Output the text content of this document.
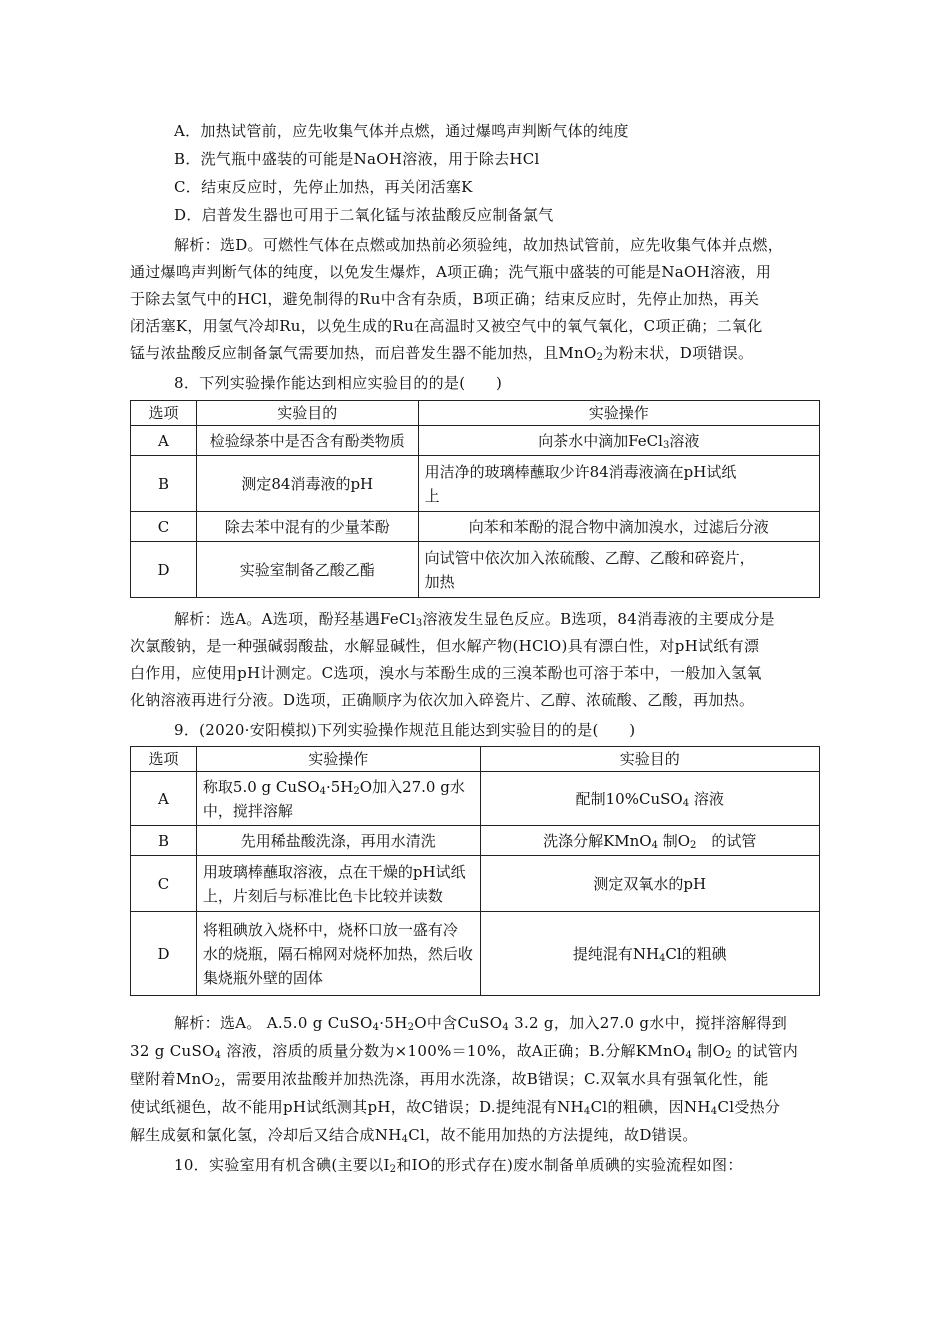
A．加热试管前，应先收集气体并点燃，通过爆鸣声判断气体的纯度
B．洗气瓶中盛装的可能是NaOH溶液，用于除去HCl
C．结束反应时，先停止加热，再关闭活塞K
D．启普发生器也可用于二氧化锰与浓盐酸反应制备氯气
解析：选D。可燃性气体在点燃或加热前必须验纯，故加热试管前，应先收集气体并点燃，
通过爆鸣声判断气体的纯度，以免发生爆炸，A项正确；洗气瓶中盛装的可能是NaOH溶液，用
于除去氢气中的HCl，避免制得的Ru中含有杂质，B项正确；结束反应时，先停止加热，再关
闭活塞K，用氢气冷却Ru，以免生成的Ru在高温时又被空气中的氧气氧化，C项正确；二氧化
锰与浓盐酸反应制备氯气需要加热，而启普发生器不能加热，且MnO$_2$为粉末状，D项错误。
8．下列实验操作能达到相应实验目的的是(　　)
选项	实验目的	实验操作
A	检验绿茶中是否含有酚类物质	向茶水中滴加FeCl$_3$溶液
B	测定84消毒液的pH	用洁净的玻璃棒蘸取少许84消毒液滴在pH试纸
上

C	除去苯中混有的少量苯酚	向苯和苯酚的混合物中滴加溴水，过滤后分液
D	实验室制备乙酸乙酯	向试管中依次加入浓硫酸、乙醇、乙酸和碎瓷片，
加热
解析：选A。A选项，酚羟基遇FeCl$_3$溶液发生显色反应。B选项，84消毒液的主要成分是
次氯酸钠，是一种强碱弱酸盐，水解显碱性，但水解产物(HClO)具有漂白性，对pH试纸有漂
白作用，应使用pH计测定。C选项，溴水与苯酚生成的三溴苯酚也可溶于苯中，一般加入氢氧
化钠溶液再进行分液。D选项，正确顺序为依次加入碎瓷片、乙醇、浓硫酸、乙酸，再加热。
9．(2020·安阳模拟)下列实验操作规范且能达到实验目的的是(　　)
选项	实验操作	实验目的
A	称取5.0 g $CuSO_4\cdot 5H_2O$加入27.0 g水
中，搅拌溶解	配制10%CuSO$_4$ 溶液
B	先用稀盐酸洗涤，再用水清洗	洗涤分解KMnO$_4$ 制$O_2$　的试管
C	用玻璃棒蘸取溶液，点在干燥的pH试纸
上，片刻后与标准比色卡比较并读数	测定双氧水的pH
D	将粗碘放入烧杯中，烧杯口放一盛有冷
水的烧瓶，隔石棉网对烧杯加热，然后收
集烧瓶外壁的固体	提纯混有$NH_4Cl$的粗碘
解析：选A。 A.5.0 g $CuSO_4\cdot 5H_2O$中含CuSO$_4$ 3.2 g，加入27.0 g水中，搅拌溶解得到
32 g CuSO$_4$ 溶液，溶质的质量分数为×100%＝10%，故A正确；B.分解KMnO$_4$ 制$O_2$ 的试管内
壁附着MnO$_2$，需要用浓盐酸并加热洗涤，再用水洗涤，故B错误；C.双氧水具有强氧化性，能
使试纸褪色，故不能用pH试纸测其pH，故C错误；D.提纯混有$NH_4Cl$的粗碘，因$NH_4Cl$受热分
解生成氨和氯化氢，冷却后又结合成$NH_4Cl$，故不能用加热的方法提纯，故D错误。
10．实验室用有机含碘(主要以$I_2$和IO的形式存在)废水制备单质碘的实验流程如图：
